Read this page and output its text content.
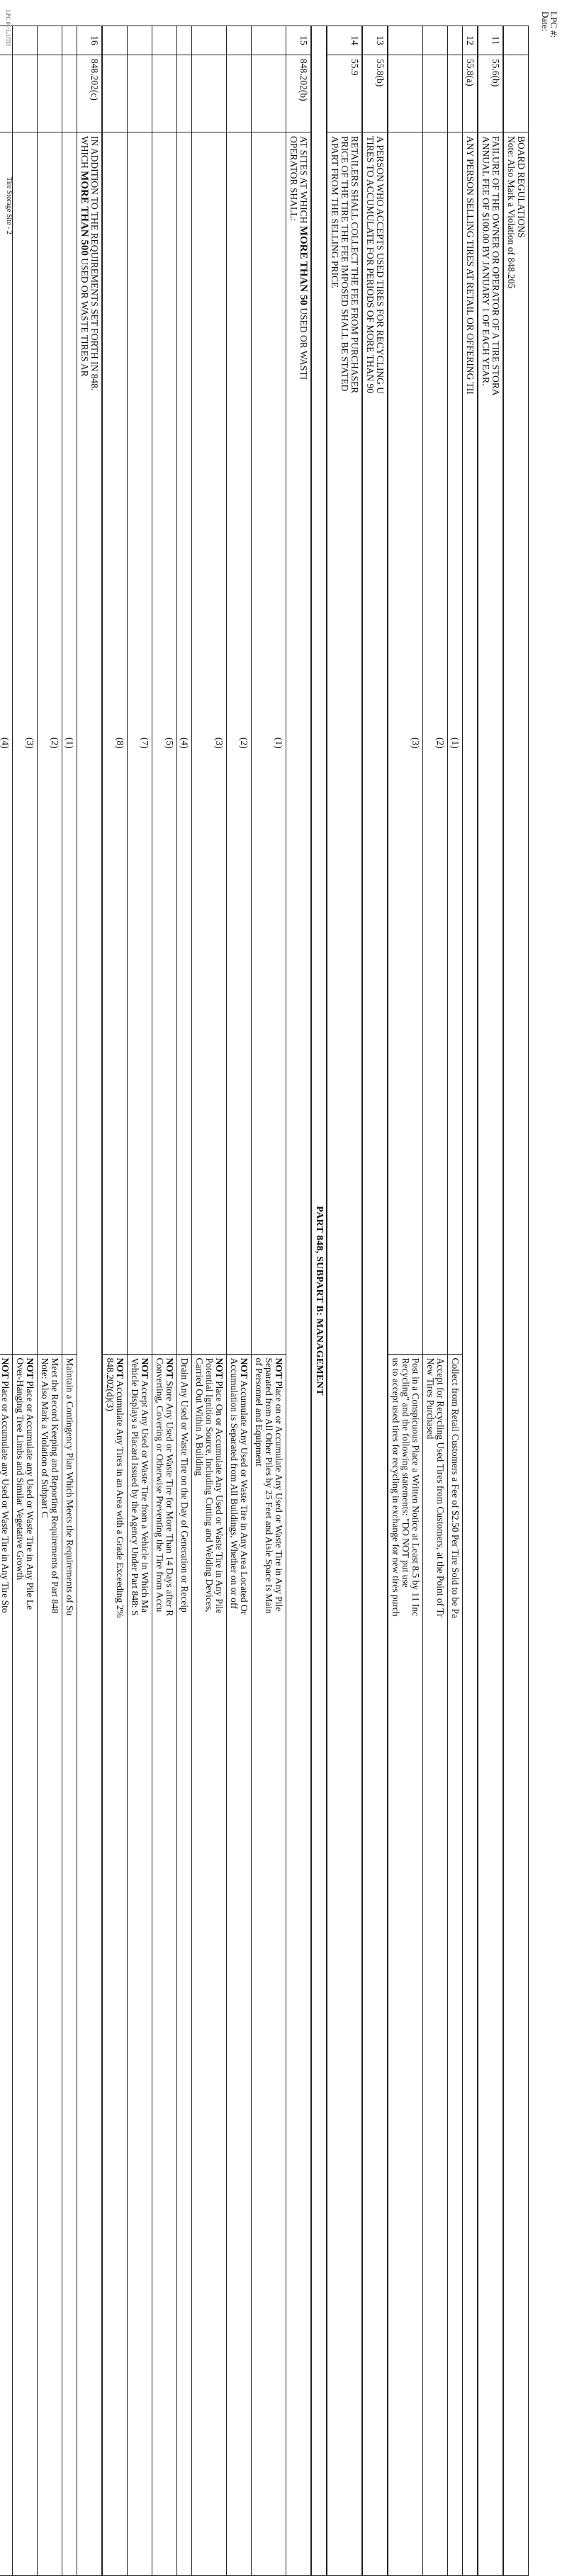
LPC #:
Date:

		BOARD REGULATIONS
Note: Also Mark a Violation of 848.205	

11	55.6(b)	FAILURE OF THE OWNER OR OPERATOR OF A TIRE STORA
ANNUAL FEE OF $100.00 BY JANUARY 1 OF EACH YEAR.	

12	55.8(a)	ANY PERSON SELLING TIRES AT RETAIL OR OFFERING TII	

		(1)	Collect from Retail Customers a Fee of $2.50 Per Tire Sold to be Pa

		(2)	Accept for Recycling Used Tires from Customers, at the Point of Tr
New Tires Purchased

		(3)	Post in a Conspicuous Place a Written Notice at Least 8.5 by 11 Inc
Recycling" and the following statements: "DO NOT put use
us to accept used tires for recycling in exchange for new tires purch

13	55.8(b)	A PERSON WHO ACCEPTS USED TIRES FOR RECYCLING U
TIRES TO ACCUMULATE FOR PERIODS OF MORE THAN 90	

14	55.9	RETAILERS SHALL COLLECT THE FEE FROM PURCHASER
PRICE OF THE TIRE THE FEE IMPOSED SHALL BE STATED
APART FROM THE SELLING PRICE	

PART 848, SUBPART B: MANAGEMENT			
15	848.202(b)	AT SITES AT WHICH MORE THAN 50 USED OR WASTI
OPERATOR SHALL:	

		(1)	NOT Place on or Accumulate Any Used or Waste Tire in Any Pile
Separated from All Other Piles by 25 Feet and Aisle Space Is Main
of Personnel and Equipment

		(2)	NOT Accumulate Any Used or Waste Tire in Any Area Located Or
Accumulation is Separated from All Buildings, Whether on or off

		(3)	NOT Place On or Accumulate Any Used or Waste Tire in Any Pile
Potential Ignition Source, Including Cutting and Welding Devices,
Carried Out Within A Building

		(4)	Drain Any Used or Waste Tire on the Day of Generation or Receip

		(5)	NOT Store Any Used or Waste Tire for More Than 14 Days after R
Converting, Covering or Otherwise Preventing the Tire from Accu

		(7)	NOT Accept Any Used or Waste Tire from a Vehicle in Which Ma
Vehicle Displays a Placard Issued by the Agency Under Part 848: S

		(8)	NOT Accumulate Any Tires in an Area with a Grade Exceeding 2%
848.202(d)(3)

16	848.202(c)	IN ADDITION TO THE REQUIREMENTS SET FORTH IN 848.
WHICH MORE THAN 500 USED OR WASTE TIRES AR	

		(1)	Maintain a Contingency Plan Which Meets the Requirements of Su

		(2)	Meet the Record Keeping and Reporting Requirements of Part 848
Note: Also Mark a Violation of Subpart C

		(3)	NOT Place or Accumulate any Used or Waste Tire in Any Pile Le
Over-Hanging Tree Limbs and Similar Vegetative Growth

		(4)	NOT Place or Accumulate any Used or Waste Tire in Any Tire Sto

Tire Storage Site - 2
LPC 01-L.UTD
